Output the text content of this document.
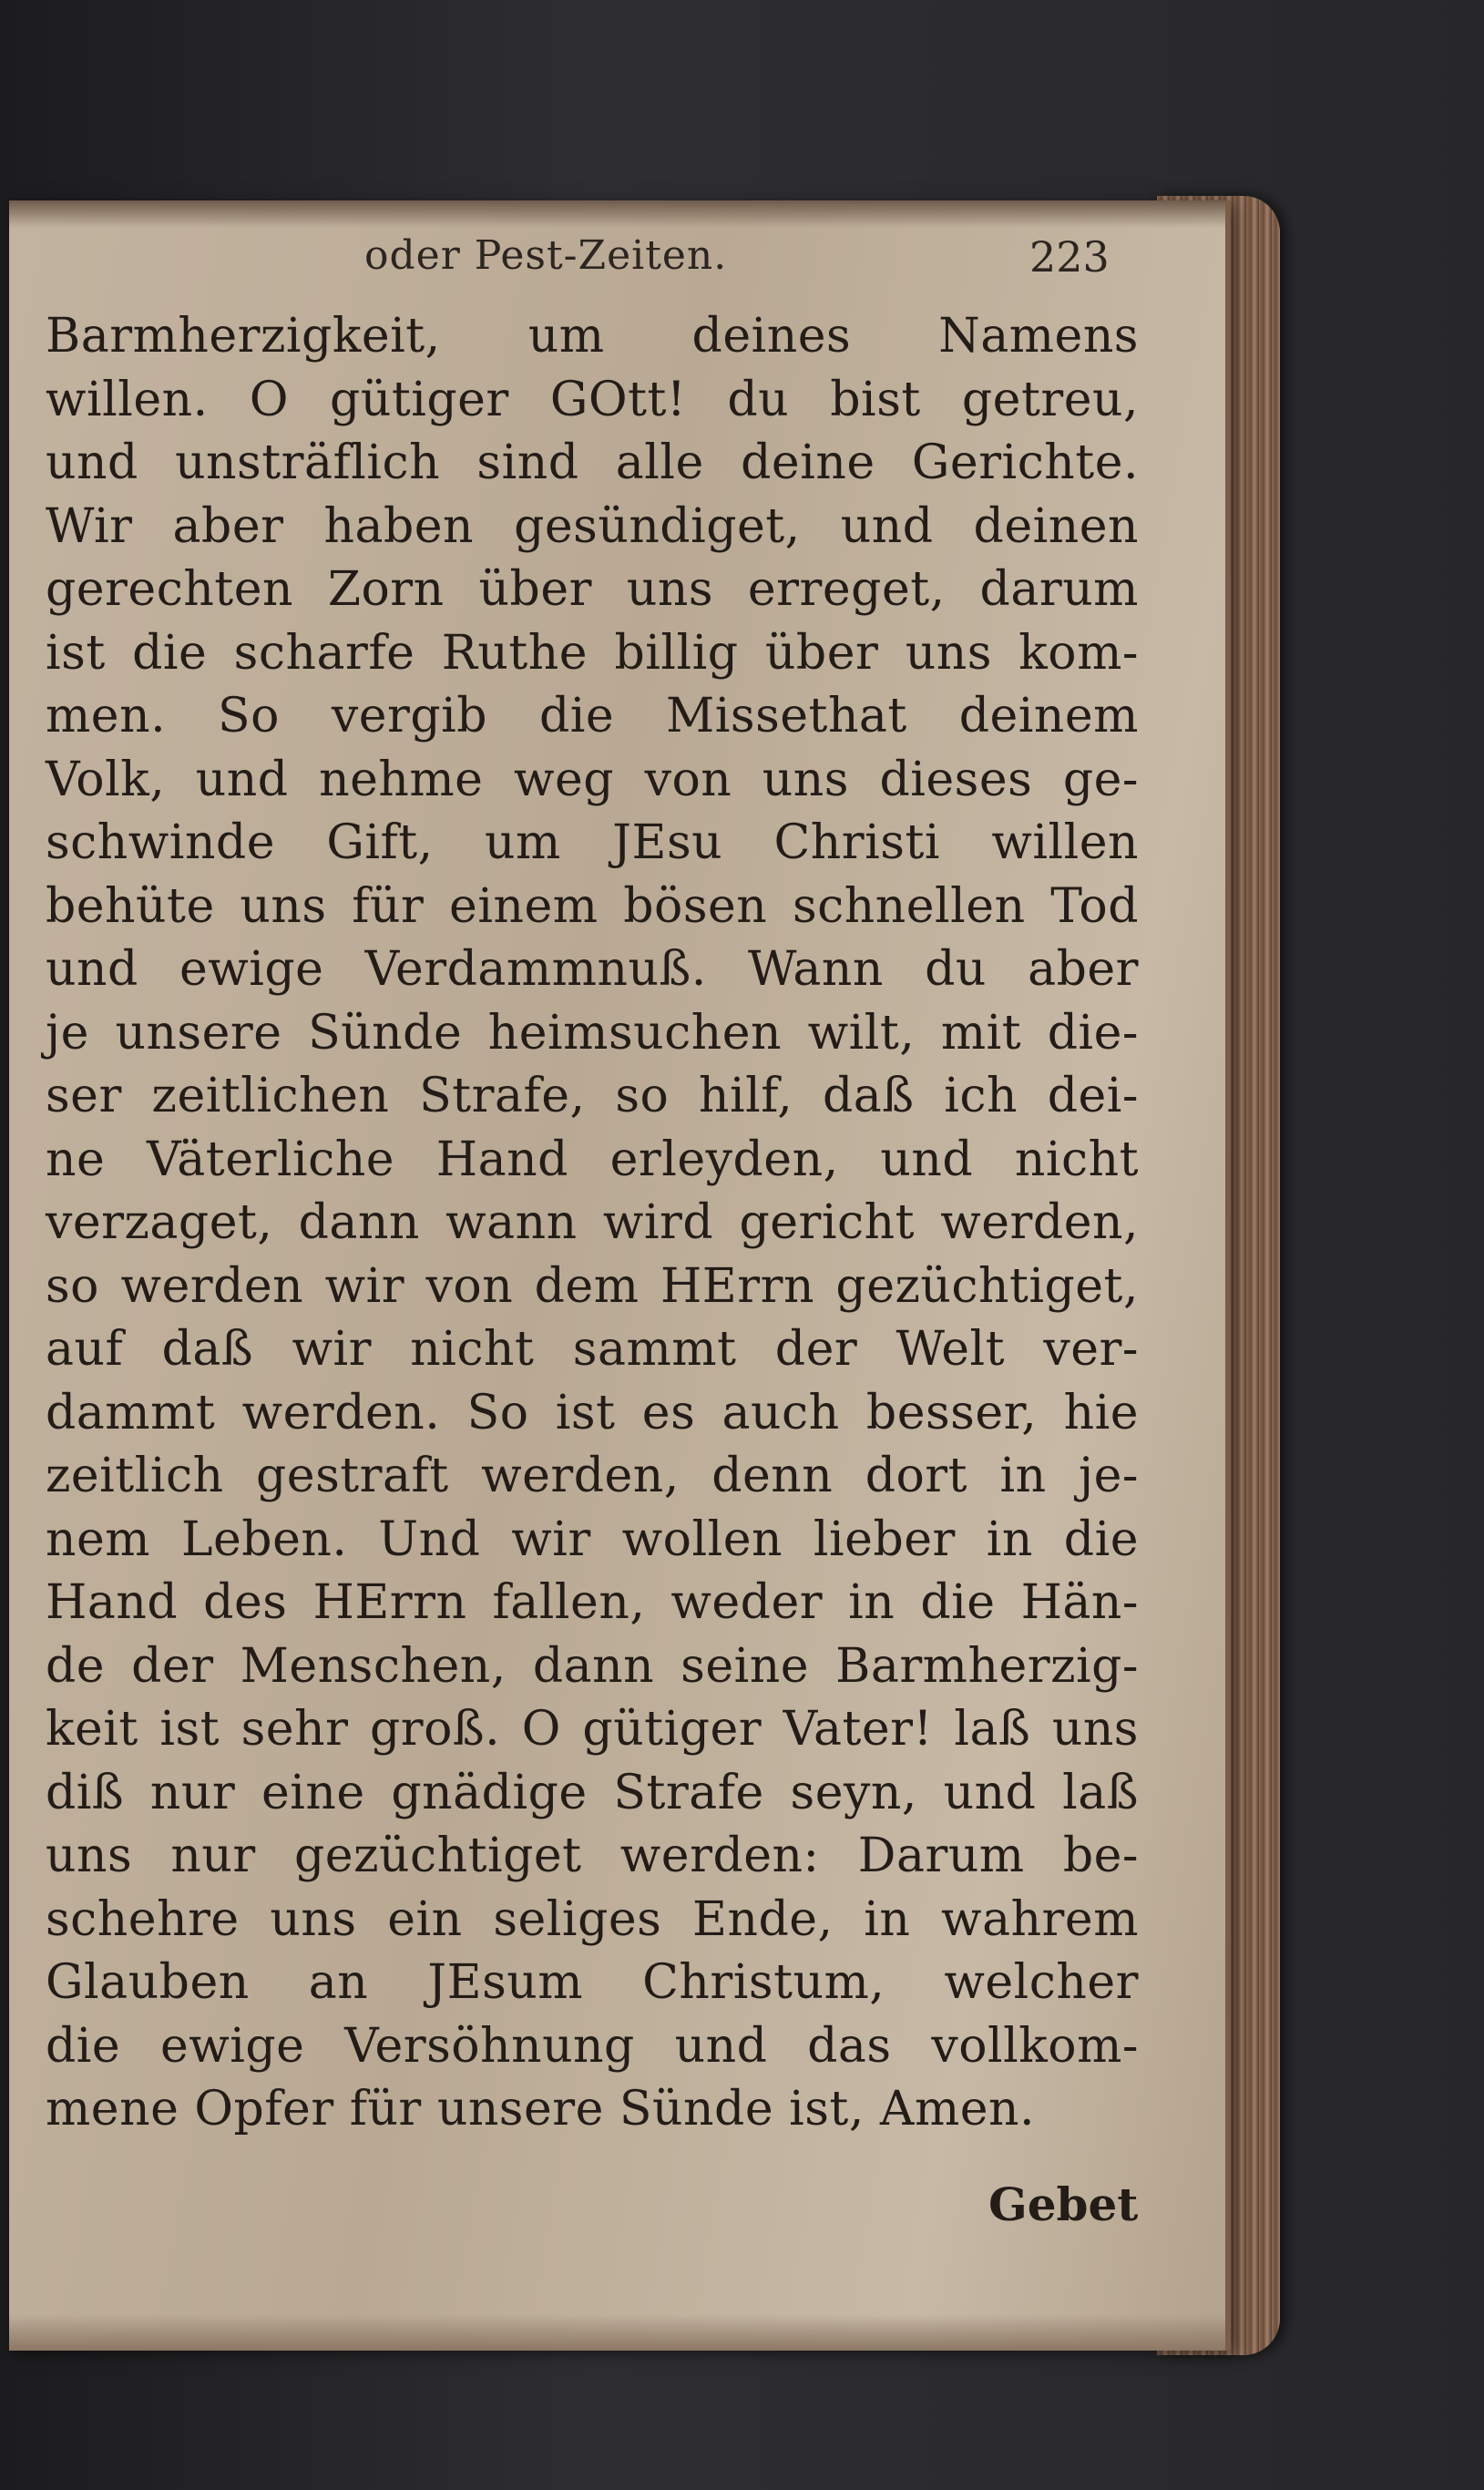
oder Pest-Zeiten.	223
Barmherzigkeit, um deines Namens
willen. O gütiger GOtt! du bist getreu,
und unsträflich sind alle deine Gerichte.
Wir aber haben gesündiget, und deinen
gerechten Zorn über uns erreget, darum
ist die scharfe Ruthe billig über uns kom-
men. So vergib die Missethat deinem
Volk, und nehme weg von uns dieses ge-
schwinde Gift, um JEsu Christi willen
behüte uns für einem bösen schnellen Tod
und ewige Verdammnuß. Wann du aber
je unsere Sünde heimsuchen wilt, mit die-
ser zeitlichen Strafe, so hilf, daß ich dei-
ne Väterliche Hand erleyden, und nicht
verzaget, dann wann wird gericht werden,
so werden wir von dem HErrn gezüchtiget,
auf daß wir nicht sammt der Welt ver-
dammt werden. So ist es auch besser, hie
zeitlich gestraft werden, denn dort in je-
nem Leben. Und wir wollen lieber in die
Hand des HErrn fallen, weder in die Hän-
de der Menschen, dann seine Barmherzig-
keit ist sehr groß. O gütiger Vater! laß uns
diß nur eine gnädige Strafe seyn, und laß
uns nur gezüchtiget werden: Darum be-
schehre uns ein seliges Ende, in wahrem
Glauben an JEsum Christum, welcher
die ewige Versöhnung und das vollkom-
mene Opfer für unsere Sünde ist, Amen.
Gebet
